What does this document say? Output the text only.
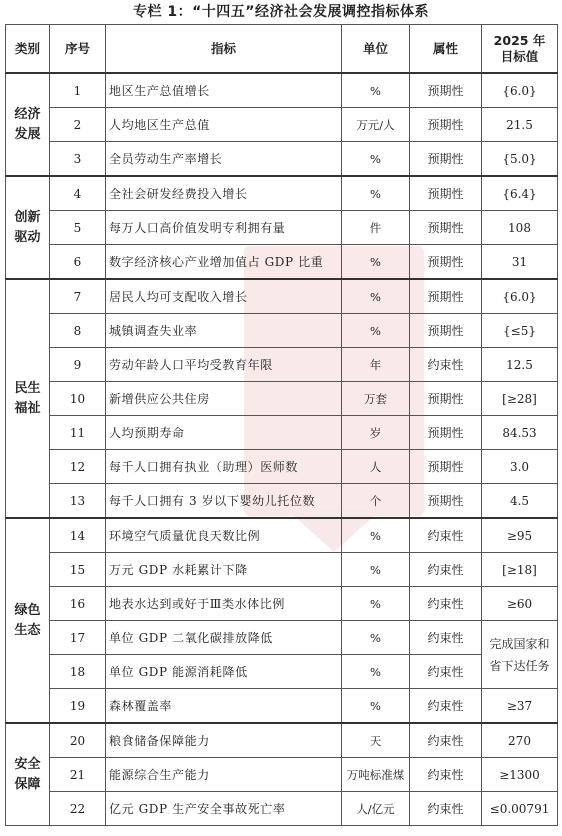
专栏 1：“十四五”经济社会发展调控指标体系
类别	序号	指标	单位	属性	2025 年
目标值

经济
发展	1	地区生产总值增长	%	预期性	{6.0}
	2	人均地区生产总值	万元/人	预期性	21.5
	3	全员劳动生产率增长	%	预期性	{5.0}

创新
驱动	4	全社会研发经费投入增长	%	预期性	{6.4}
	5	每万人口高价值发明专利拥有量	件	预期性	108
	6	数字经济核心产业增加值占 GDP 比重	%	预期性	31

民生
福祉	7	居民人均可支配收入增长	%	预期性	{6.0}
	8	城镇调查失业率	%	预期性	{≤5}
	9	劳动年龄人口平均受教育年限	年	约束性	12.5
	10	新增供应公共住房	万套	预期性	[≥28]
	11	人均预期寿命	岁	预期性	84.53
	12	每千人口拥有执业（助理）医师数	人	预期性	3.0
	13	每千人口拥有 3 岁以下婴幼儿托位数	个	预期性	4.5

绿色
生态	14	环境空气质量优良天数比例	%	约束性	≥95
	15	万元 GDP 水耗累计下降	%	约束性	[≥18]
	16	地表水达到或好于Ⅲ类水体比例	%	约束性	≥60
	17	单位 GDP 二氧化碳排放降低	%	约束性	完成国家和
省下达任务

	18	单位 GDP 能源消耗降低	%	约束性	
	19	森林覆盖率	%	约束性	≥37

安全
保障	20	粮食储备保障能力	天	约束性	270
	21	能源综合生产能力	万吨标准煤	约束性	≥1300
	22	亿元 GDP 生产安全事故死亡率	人/亿元	约束性	≤0.00791
